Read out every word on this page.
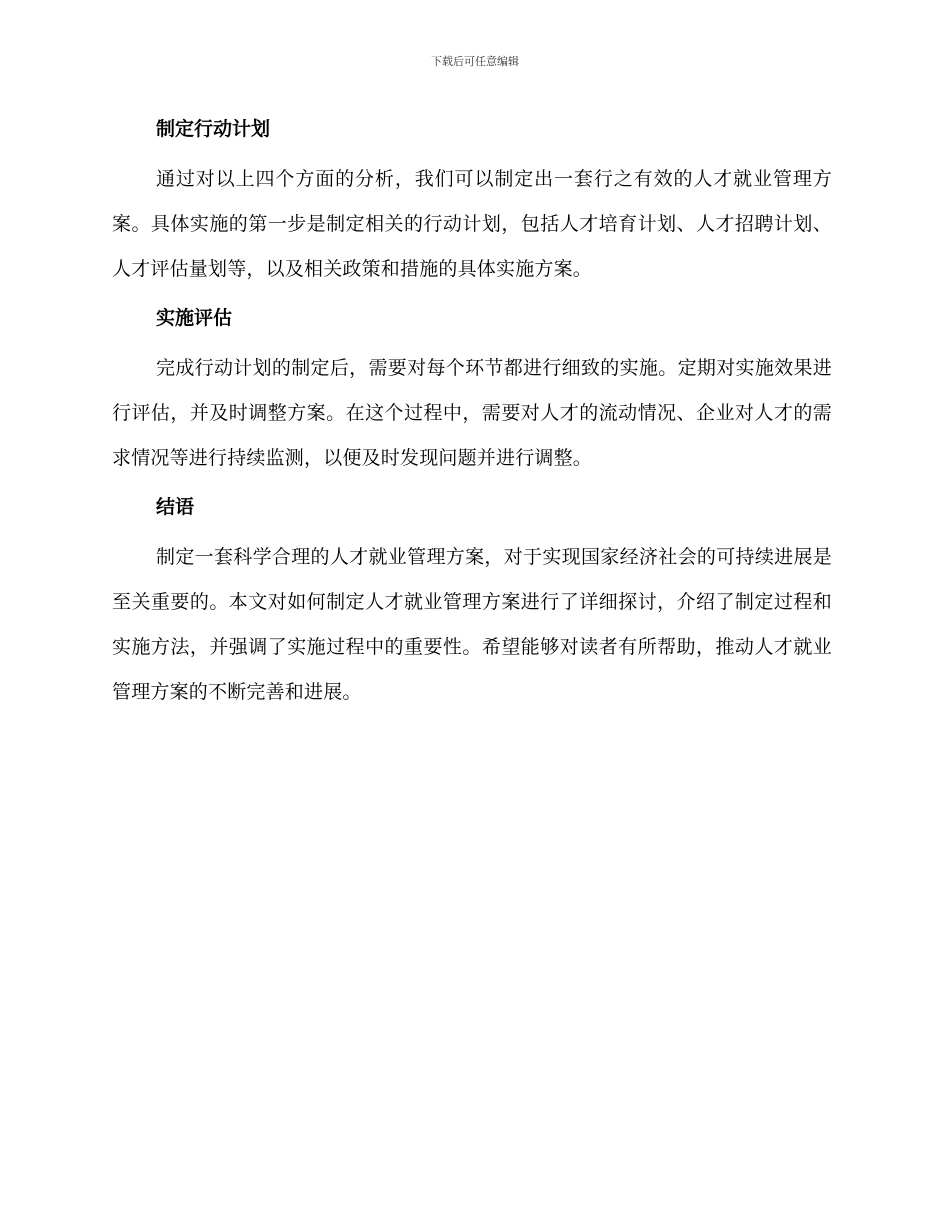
下载后可任意编辑
制定行动计划

通过对以上四个方面的分析，我们可以制定出一套行之有效的人才就业管理方案。具体实施的第一步是制定相关的行动计划，包括人才培育计划、人才招聘计划、人才评估量划等，以及相关政策和措施的具体实施方案。

实施评估

完成行动计划的制定后，需要对每个环节都进行细致的实施。定期对实施效果进行评估，并及时调整方案。在这个过程中，需要对人才的流动情况、企业对人才的需求情况等进行持续监测，以便及时发现问题并进行调整。

结语

制定一套科学合理的人才就业管理方案，对于实现国家经济社会的可持续进展是至关重要的。本文对如何制定人才就业管理方案进行了详细探讨，介绍了制定过程和实施方法，并强调了实施过程中的重要性。希望能够对读者有所帮助，推动人才就业管理方案的不断完善和进展。
